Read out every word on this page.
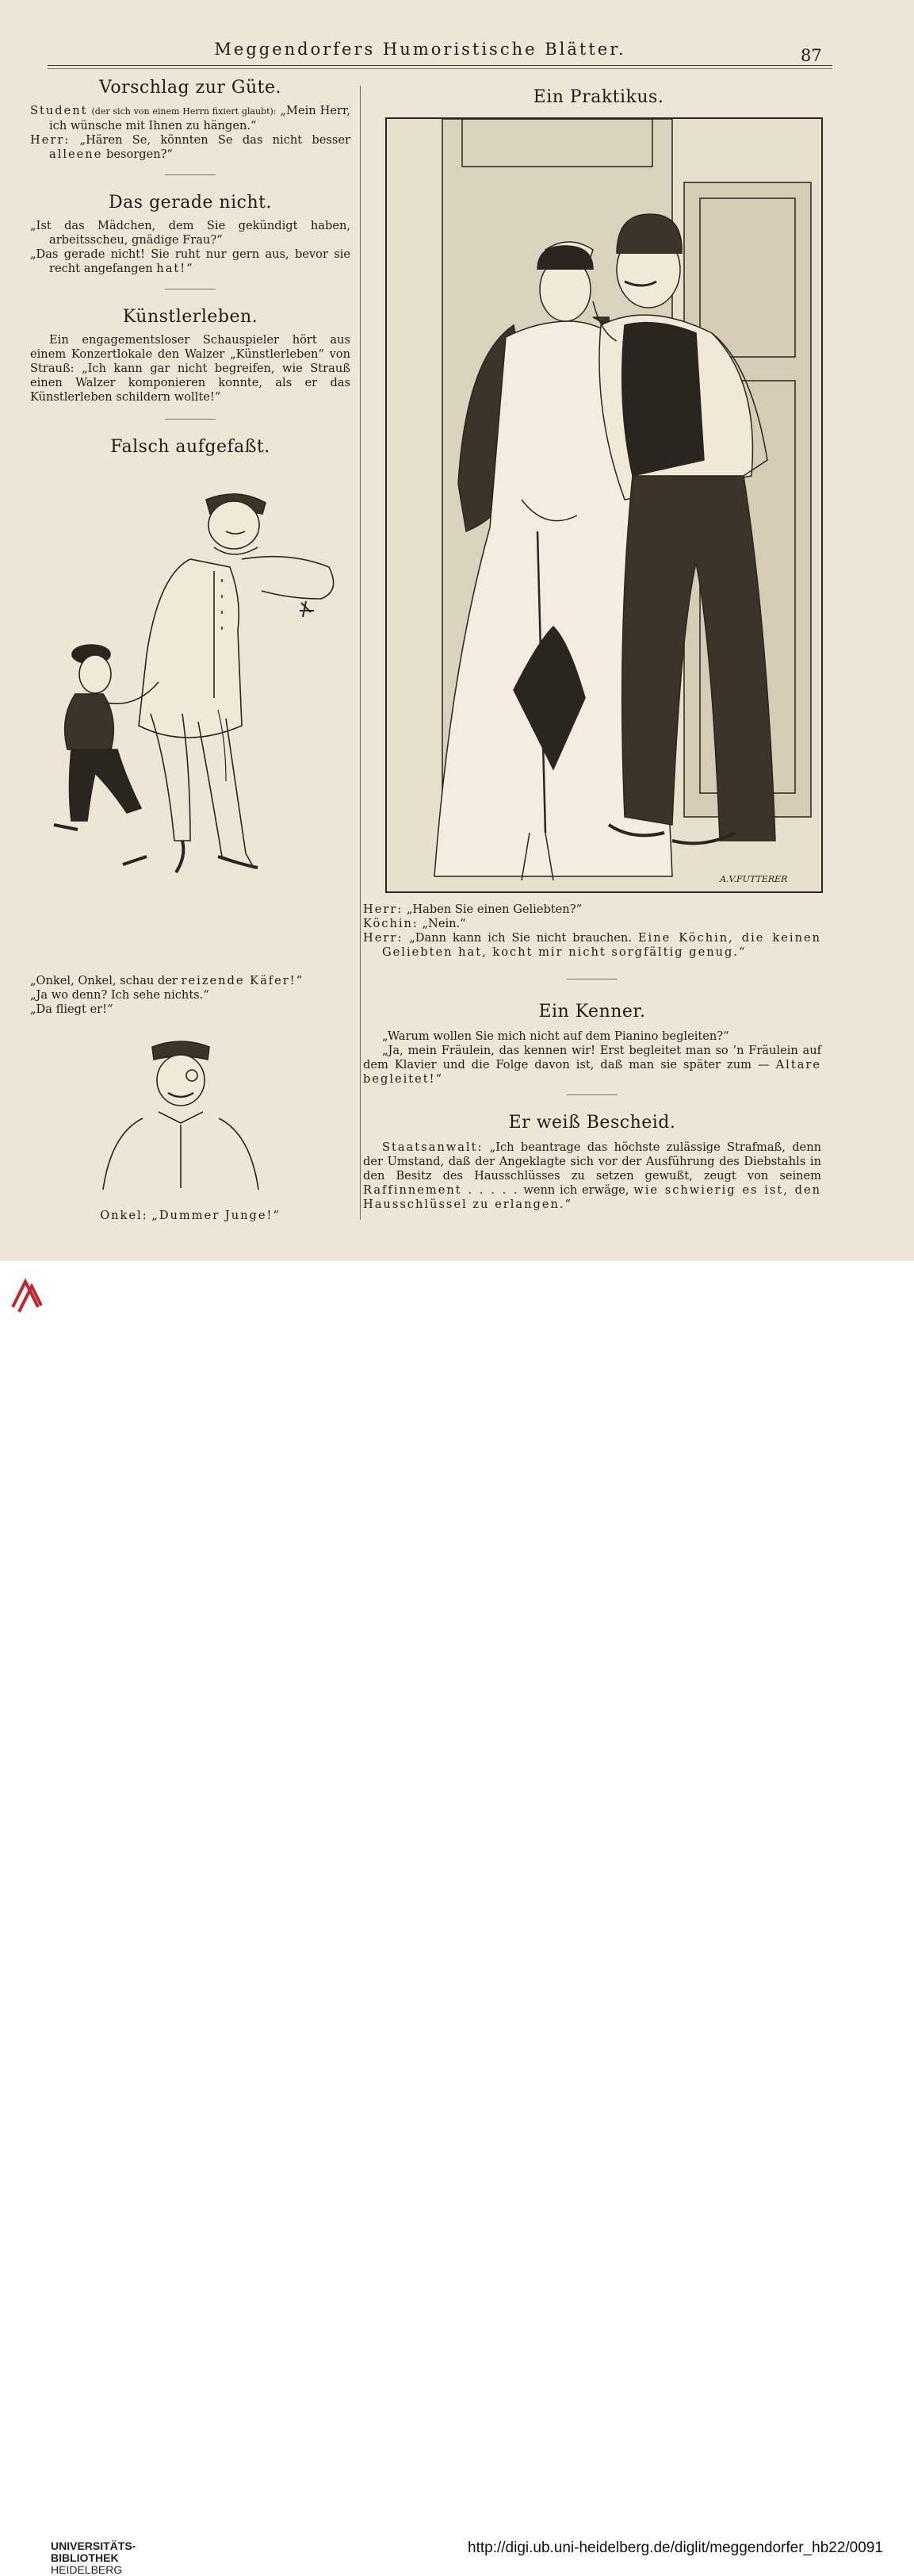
Meggendorfers Humoristische Blätter.	87
Vorschlag zur Güte.

Student (der sich von einem Herrn fixiert glaubt): „Mein Herr, ich wünsche mit Ihnen zu hängen.“

Herr: „Hären Se, könnten Se das nicht besser alleene besorgen?“

Das gerade nicht.

„Ist das Mädchen, dem Sie gekündigt haben, arbeitsscheu, gnädige Frau?“

„Das gerade nicht! Sie ruht nur gern aus, bevor sie recht angefangen hat!“

Künstlerleben.

Ein engagementsloser Schauspieler hört aus einem Konzertlokale den Walzer „Künstlerleben“ von Strauß: „Ich kann gar nicht begreifen, wie Strauß einen Walzer komponieren konnte, als er das Künstlerleben schildern wollte!“

Falsch aufgefaßt.

„Onkel, Onkel, schau der reizende Käfer!“

„Ja wo denn? Ich sehe nichts.“

„Da fliegt er!“

Onkel: „Dummer Junge!“

Ein Praktikus.
A.V.FUTTERER

Herr: „Haben Sie einen Geliebten?“

Köchin: „Nein.“

Herr: „Dann kann ich Sie nicht brauchen. Eine Köchin, die keinen Geliebten hat, kocht mir nicht sorgfältig genug.“

Ein Kenner.

„Warum wollen Sie mich nicht auf dem Pianino begleiten?“

„Ja, mein Fräulein, das kennen wir! Erst begleitet man so ’n Fräulein auf dem Klavier und die Folge davon ist, daß man sie später zum — Altare begleitet!“

Er weiß Bescheid.

Staatsanwalt: „Ich beantrage das höchste zulässige Strafmaß, denn der Umstand, daß der Angeklagte sich vor der Ausführung des Diebstahls in den Besitz des Hausschlüsses zu setzen gewußt, zeugt von seinem Raffinnement . . . . . wenn ich erwäge, wie schwierig es ist, den Hausschlüssel zu erlangen.“

UNIVERSITÄTS-
BIBLIOTHEK
HEIDELBERG
http://digi.ub.uni-heidelberg.de/diglit/meggendorfer_hb22/0091
